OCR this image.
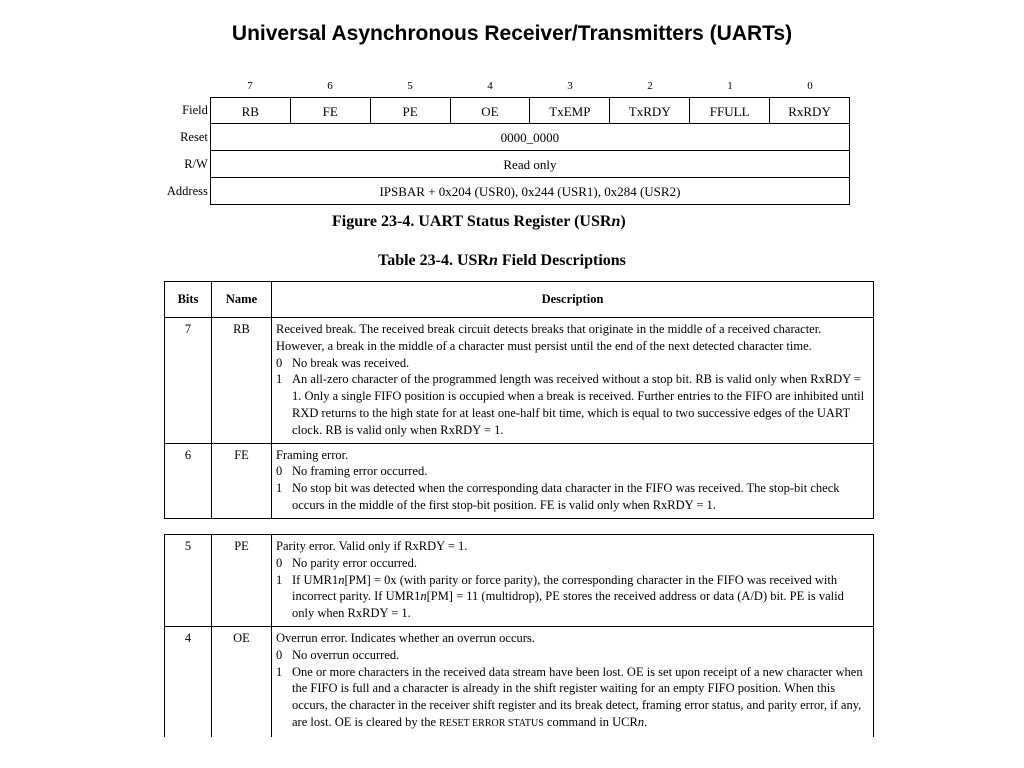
Universal Asynchronous Receiver/Transmitters (UARTs)
7	6	5	4	3	2	1	0
Field	RB	FE	PE	OE	TxEMP	TxRDY	FFULL	RxRDY
Reset	0000_0000
R/W	Read only
Address	IPSBAR + 0x204 (USR0), 0x244 (USR1), 0x284 (USR2)
Figure 23-4. UART Status Register (USRn)
Table 23-4. USRn Field Descriptions
Bits	Name	Description
7	RB	Received break. The received break circuit detects breaks that originate in the middle of a received character. However, a break in the middle of a character must persist until the end of the next detected character time.
0 No break was received.
1 An all-zero character of the programmed length was received without a stop bit. RB is valid only when RxRDY = 1. Only a single FIFO position is occupied when a break is received. Further entries to the FIFO are inhibited until RXD returns to the high state for at least one-half bit time, which is equal to two successive edges of the UART clock. RB is valid only when RxRDY = 1.

6	FE	Framing error.
0 No framing error occurred.
1 No stop bit was detected when the corresponding data character in the FIFO was received. The stop-bit check occurs in the middle of the first stop-bit position. FE is valid only when RxRDY = 1.
5	PE	Parity error. Valid only if RxRDY = 1.
0 No parity error occurred.
1 If UMR1n[PM] = 0x (with parity or force parity), the corresponding character in the FIFO was received with incorrect parity. If UMR1n[PM] = 11 (multidrop), PE stores the received address or data (A/D) bit. PE is valid only when RxRDY = 1.

4	OE	Overrun error. Indicates whether an overrun occurs.
0 No overrun occurred.
1 One or more characters in the received data stream have been lost. OE is set upon receipt of a new character when the FIFO is full and a character is already in the shift register waiting for an empty FIFO position. When this occurs, the character in the receiver shift register and its break detect, framing error status, and parity error, if any, are lost. OE is cleared by the RESET ERROR STATUS command in UCRn.
